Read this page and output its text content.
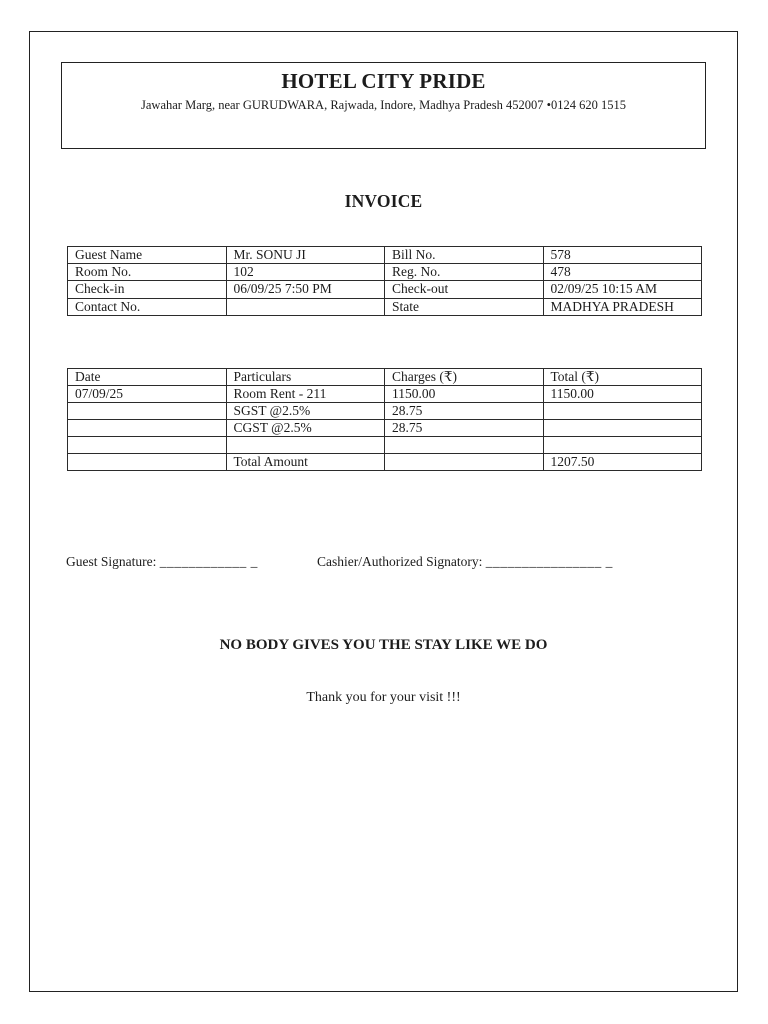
HOTEL CITY PRIDE
Jawahar Marg, near GURUDWARA, Rajwada, Indore, Madhya Pradesh 452007 •0124 620 1515
INVOICE
Guest Name	Mr. SONU JI	Bill No.	578
Room No.	102	Reg. No.	478
Check-in	06/09/25 7:50 PM	Check-out	02/09/25 10:15 AM
Contact No.		State	MADHYA PRADESH
Date	Particulars	Charges (₹)	Total (₹)
07/09/25	Room Rent - 211	1150.00	1150.00
	SGST @2.5%	28.75	
	CGST @2.5%	28.75	

	Total Amount		1207.50
Guest Signature: ____________ _	Cashier/Authorized Signatory: ________________ _
NO BODY GIVES YOU THE STAY LIKE WE DO
Thank you for your visit !!!
